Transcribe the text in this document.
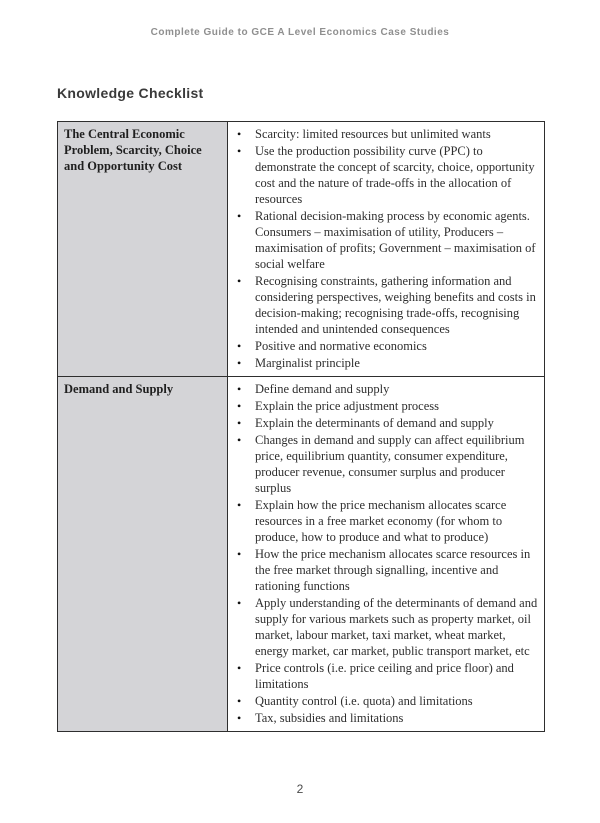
Complete Guide to GCE A Level Economics Case Studies
Knowledge Checklist
The Central Economic Problem, Scarcity, Choice and Opportunity Cost	
•	Scarcity: limited resources but unlimited wants
•	Use the production possibility curve (PPC) to demonstrate the concept of scarcity, choice, opportunity cost and the nature of trade-offs in the allocation of resources
•	Rational decision-making process by economic agents. Consumers – maximisation of utility, Producers – maximisation of profits; Government – maximisation of social welfare
•	Recognising constraints, gathering information and considering perspectives, weighing benefits and costs in decision-making; recognising trade-offs, recognising intended and unintended consequences
•	Positive and normative economics
•	Marginalist principle

Demand and Supply	•	Define demand and supply
•	Explain the price adjustment process
•	Explain the determinants of demand and supply
•	Changes in demand and supply can affect equilibrium price, equilibrium quantity, consumer expenditure, producer revenue, consumer surplus and producer surplus
•	Explain how the price mechanism allocates scarce resources in a free market economy (for whom to produce, how to produce and what to produce)
•	How the price mechanism allocates scarce resources in the free market through signalling, incentive and rationing functions
•	Apply understanding of the determinants of demand and supply for various markets such as property market, oil market, labour market, taxi market, wheat market, energy market, car market, public transport market, etc
•	Price controls (i.e. price ceiling and price floor) and limitations
•	Quantity control (i.e. quota) and limitations
•	Tax, subsidies and limitations
2
